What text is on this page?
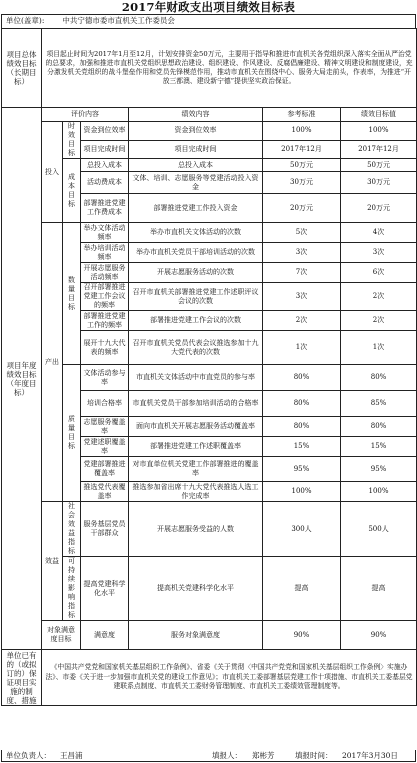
2017年财政支出项目绩效目标表
单位(盖章): 中共宁德市委市直机关工作委员会
项目总体绩效目标（长期目标）	项目起止时间为2017年1月至12月，计划安排资金50万元，主要用于指导和推进市直机关各党组织深入落实全面从严治党的总要求，加强和推进市直机关党组织思想政治建设、组织建设、作风建设、反腐倡廉建设、精神文明建设和制度建设，充分激发机关党组织的战斗堡垒作用和党员先锋模范作用，推动市直机关在围绕中心、服务大局走前头，作表率，为推进“开放三都澳、建设新宁德”提供坚实政治保证。					
项目年度绩效目标（年度目标）	评价内容			绩效内容	参考标准	绩效目标值
	投入	时效目标	资金到位效率	资金到位效率	100%	100%
			项目完成时间	项目完成时间	2017年12月	2017年12月
		成本目标	总投入成本	总投入成本	50万元	50万元
			活动费成本	文体、培训、志愿服务等党建活动投入资金	30万元	30万元
			部署推进党建工作费成本	部署推进党建工作投入资金	20万元	20万元
	产出	数量目标	举办文体活动频率	举办市直机关文体活动的次数	5次	4次
			举办培训活动频率	举办市直机关党员干部培训活动的次数	3次	3次
			开展志愿服务活动频率	开展志愿服务活动的次数	7次	6次
			召开部署推进党建工作会议的频率	召开市直机关部署推进党建工作述职评议会议的次数	3次	2次
			部署推进党建工作的频率	部署推进党建工作会议的次数	2次	2次
			展开十九大代表的频率	召开市直机关党员代表会议推选参加十九大党代表的次数	1次	1次
		质量目标	文体活动参与率	市直机关文体活动中市直党员的参与率	80%	80%
			培训合格率	市直机关党员干部参加培训活动的合格率	80%	85%
			志愿服务覆盖率	面向市直机关开展志愿服务活动覆盖率	80%	80%
			党建述职覆盖率	部署推进党建工作述职覆盖率	15%	15%
			党建部署推进覆盖率	对市直单位机关党建工作部署推进的覆盖率	95%	95%
			推选党代表覆盖率	推选参加省出席十九大党代表推选人选工作完成率	100%	100%
	效益	社会效益指标	服务基层党员干部群众	开展志愿服务受益的人数	300人	500人
		可持续影响指标	提高党建科学化水平	提高机关党建科学化水平	提高	提高
	对象满意度目标		满意度	服务对象满意度	90%	90%
单位已有的（或拟订的）保证项目实施的制度、措施	《中国共产党党和国家机关基层组织工作条例》、省委《关于贯彻〈中国共产党党和国家机关基层组织工作条例〉实施办法》、市委《关于进一步加强市直机关党的建设工作意见》；市直机关工委部署基层党建工作十项措施、市直机关工委基层党建联系点制度、市直机关工委财务管理制度、市直机关工委绩效管理制度等。					
单位负责人： 王昌浦	填报人： 郑彬芳	填报时间： 2017年3月30日
